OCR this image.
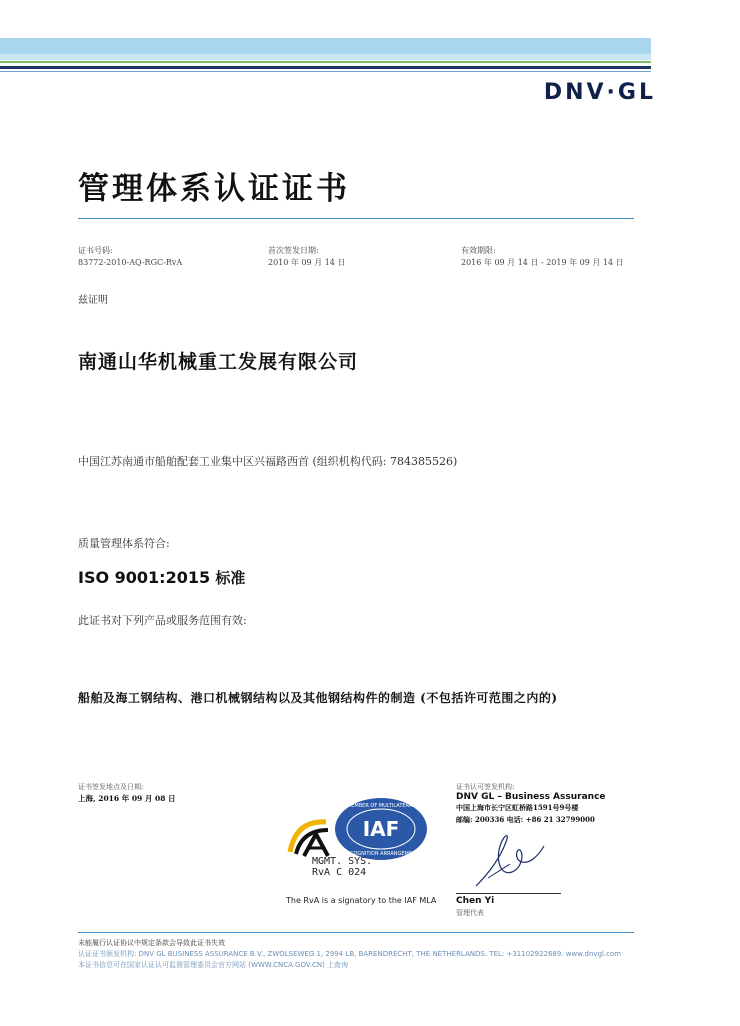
DNV·GL
管理体系认证证书
证书号码:
83772-2010-AQ-RGC-RvA
首次签发日期:
2010 年 09 月 14 日
有效期限:
2016 年 09 月 14 日 - 2019 年 09 月 14 日
兹证明
南通山华机械重工发展有限公司
中国江苏南通市船舶配套工业集中区兴福路西首 (组织机构代码: 784385526)
质量管理体系符合:
ISO 9001:2015 标准
此证书对下列产品或服务范围有效:
船舶及海工钢结构、港口机械钢结构以及其他钢结构件的制造 (不包括许可范围之内的)
证书签发地点及日期:
上海, 2016 年 09 月 08 日
IAF
MEMBER OF MULTILATERAL
RECOGNITION ARRANGEMENT
MGMT. SYS.
RvA C 024
The RvA is a signatory to the IAF MLA
证书认可签发机构:
DNV GL – Business Assurance
中国上海市长宁区虹桥路1591号9号楼
邮编: 200336 电话: +86 21 32799000
Chen Yi
管理代表
未能履行认证协议中规定条款会导致此证书失效
认证证书颁发机构: DNV GL BUSINESS ASSURANCE B.V., ZWOLSEWEG 1, 2994 LB, BARENDRECHT, THE NETHERLANDS. TEL: +31102922689. www.dnvgl.com
本证书信息可在国家认证认可监督管理委员会官方网站 (WWW.CNCA.GOV.CN) 上查询
